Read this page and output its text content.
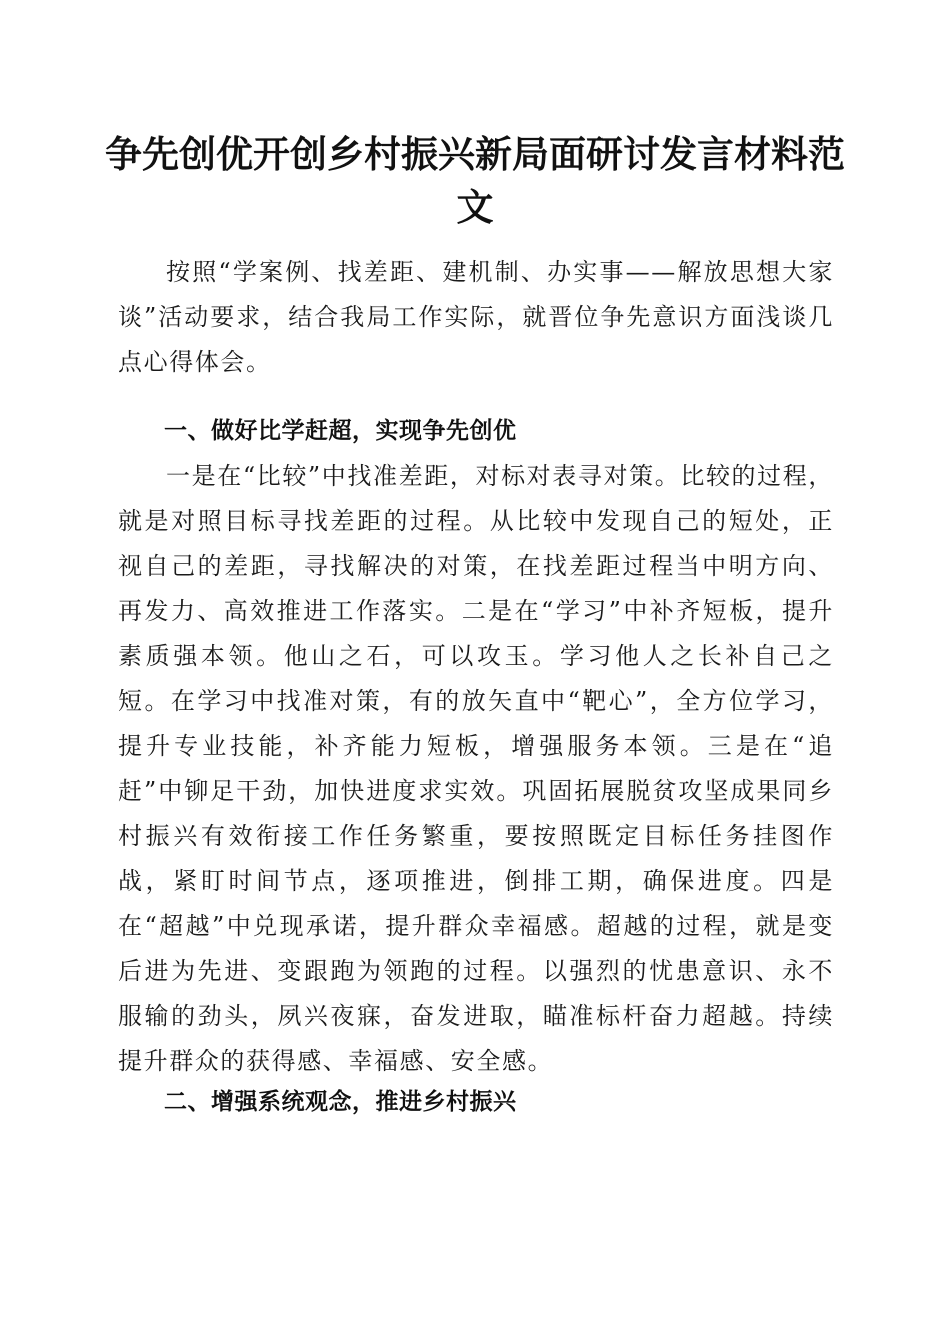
争先创优开创乡村振兴新局面研讨发言材料范文

按照“学案例、找差距、建机制、办实事——解放思想大家谈”活动要求，结合我局工作实际，就晋位争先意识方面浅谈几点心得体会。

一、做好比学赶超，实现争先创优

一是在“比较”中找准差距，对标对表寻对策。比较的过程，就是对照目标寻找差距的过程。从比较中发现自己的短处，正视自己的差距，寻找解决的对策，在找差距过程当中明方向、再发力、高效推进工作落实。二是在“学习”中补齐短板，提升素质强本领。他山之石，可以攻玉。学习他人之长补自己之短。在学习中找准对策，有的放矢直中“靶心”，全方位学习，提升专业技能，补齐能力短板，增强服务本领。三是在“追赶”中铆足干劲，加快进度求实效。巩固拓展脱贫攻坚成果同乡村振兴有效衔接工作任务繁重，要按照既定目标任务挂图作战，紧盯时间节点，逐项推进，倒排工期，确保进度。四是在“超越”中兑现承诺，提升群众幸福感。超越的过程，就是变后进为先进、变跟跑为领跑的过程。以强烈的忧患意识、永不服输的劲头，夙兴夜寐，奋发进取，瞄准标杆奋力超越。持续提升群众的获得感、幸福感、安全感。

二、增强系统观念，推进乡村振兴
